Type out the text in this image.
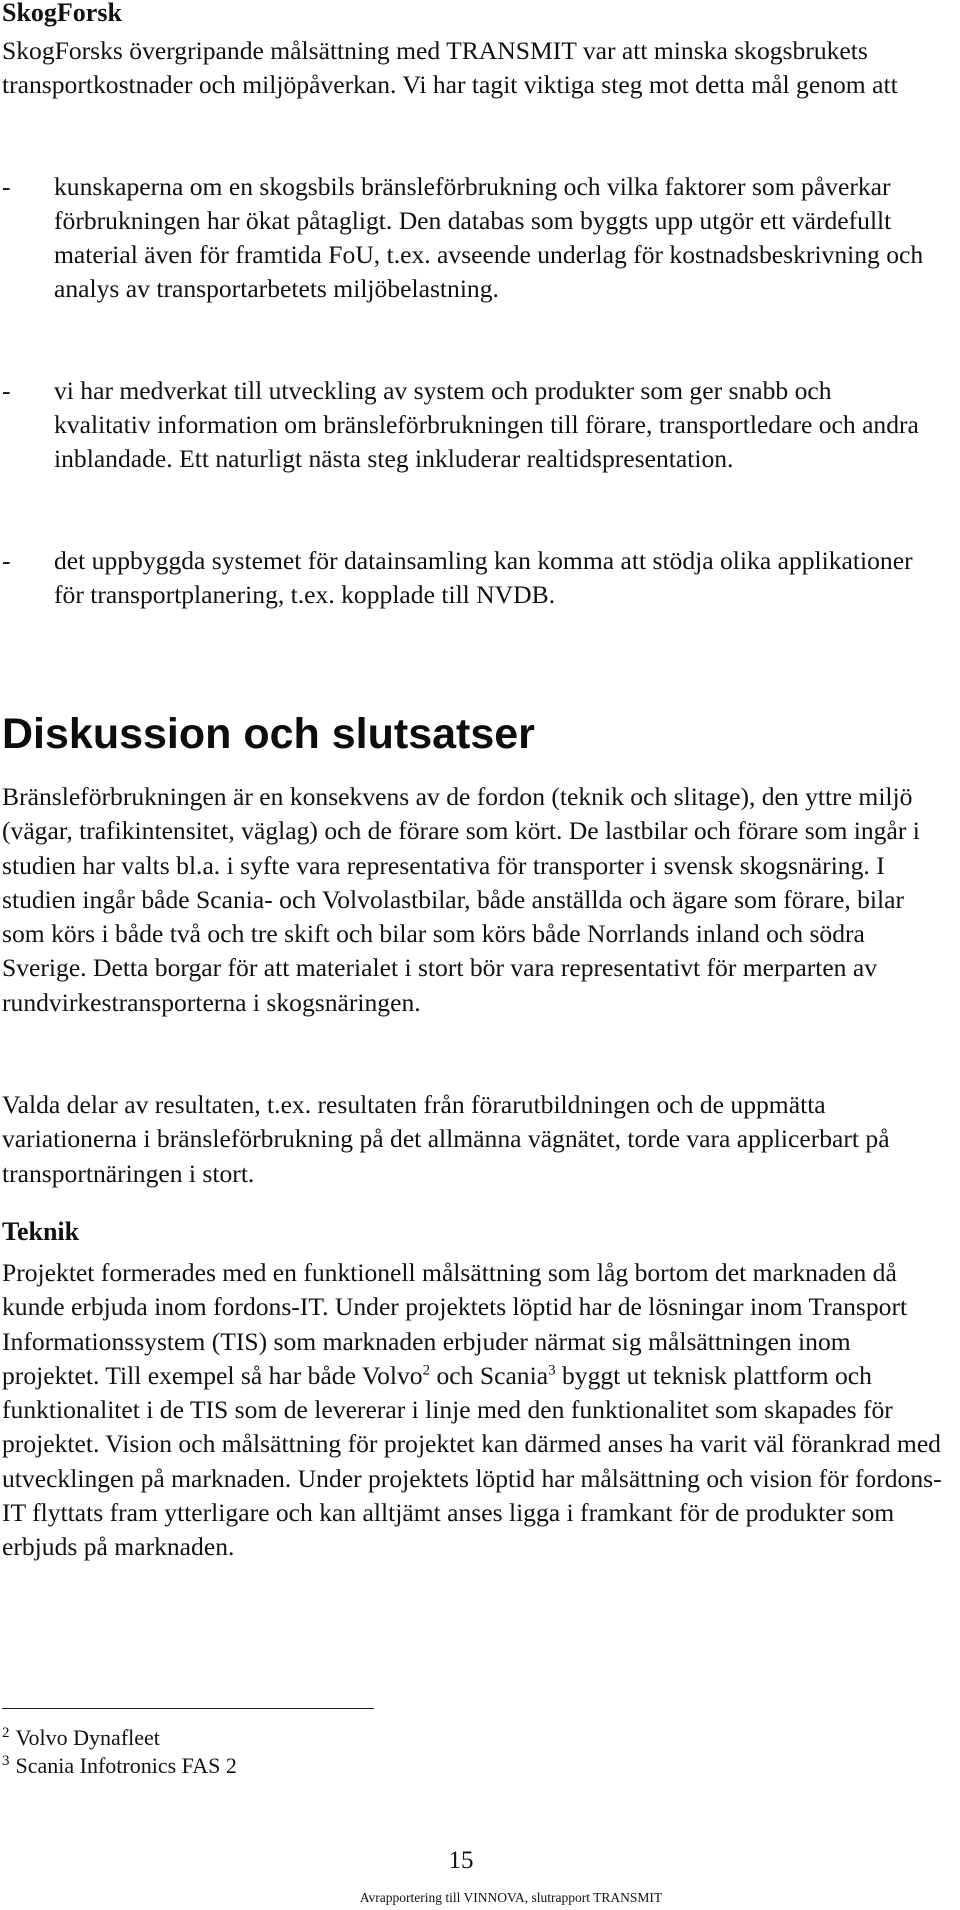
SkogForsk

SkogForsks övergripande målsättning med TRANSMIT var att minska skogsbrukets transportkostnader och miljöpåverkan. Vi har tagit viktiga steg mot detta mål genom att

- kunskaperna om en skogsbils bränsleförbrukning och vilka faktorer som påverkar förbrukningen har ökat påtagligt. Den databas som byggts upp utgör ett värdefullt material även för framtida FoU, t.ex. avseende underlag för kostnadsbeskrivning och analys av transportarbetets miljöbelastning.
- vi har medverkat till utveckling av system och produkter som ger snabb och kvalitativ information om bränsleförbrukningen till förare, transportledare och andra inblandade. Ett naturligt nästa steg inkluderar realtidspresentation.
- det uppbyggda systemet för datainsamling kan komma att stödja olika applikationer för transportplanering, t.ex. kopplade till NVDB.
Diskussion och slutsatser

Bränsleförbrukningen är en konsekvens av de fordon (teknik och slitage), den yttre miljö (vägar, trafikintensitet, väglag) och de förare som kört. De lastbilar och förare som ingår i studien har valts bl.a. i syfte vara representativa för transporter i svensk skogsnäring. I studien ingår både Scania- och Volvolastbilar, både anställda och ägare som förare, bilar som körs i både två och tre skift och bilar som körs både Norrlands inland och södra Sverige. Detta borgar för att materialet i stort bör vara representativt för merparten av rundvirkestransporterna i skogsnäringen.

Valda delar av resultaten, t.ex. resultaten från förarutbildningen och de uppmätta variationerna i bränsleförbrukning på det allmänna vägnätet, torde vara applicerbart på transportnäringen i stort.

Teknik

Projektet formerades med en funktionell målsättning som låg bortom det marknaden då kunde erbjuda inom fordons-IT. Under projektets löptid har de lösningar inom Transport Informationssystem (TIS) som marknaden erbjuder närmat sig målsättningen inom projektet. Till exempel så har både Volvo$^2$ och Scania$^3$ byggt ut teknisk plattform och funktionalitet i de TIS som de levererar i linje med den funktionalitet som skapades för projektet. Vision och målsättning för projektet kan därmed anses ha varit väl förankrad med utvecklingen på marknaden. Under projektets löptid har målsättning och vision för fordons-IT flyttats fram ytterligare och kan alltjämt anses ligga i framkant för de produkter som erbjuds på marknaden.

$^2$ Volvo Dynafleet

$^3$ Scania Infotronics FAS 2

15

Avrapportering till VINNOVA, slutrapport TRANSMIT
